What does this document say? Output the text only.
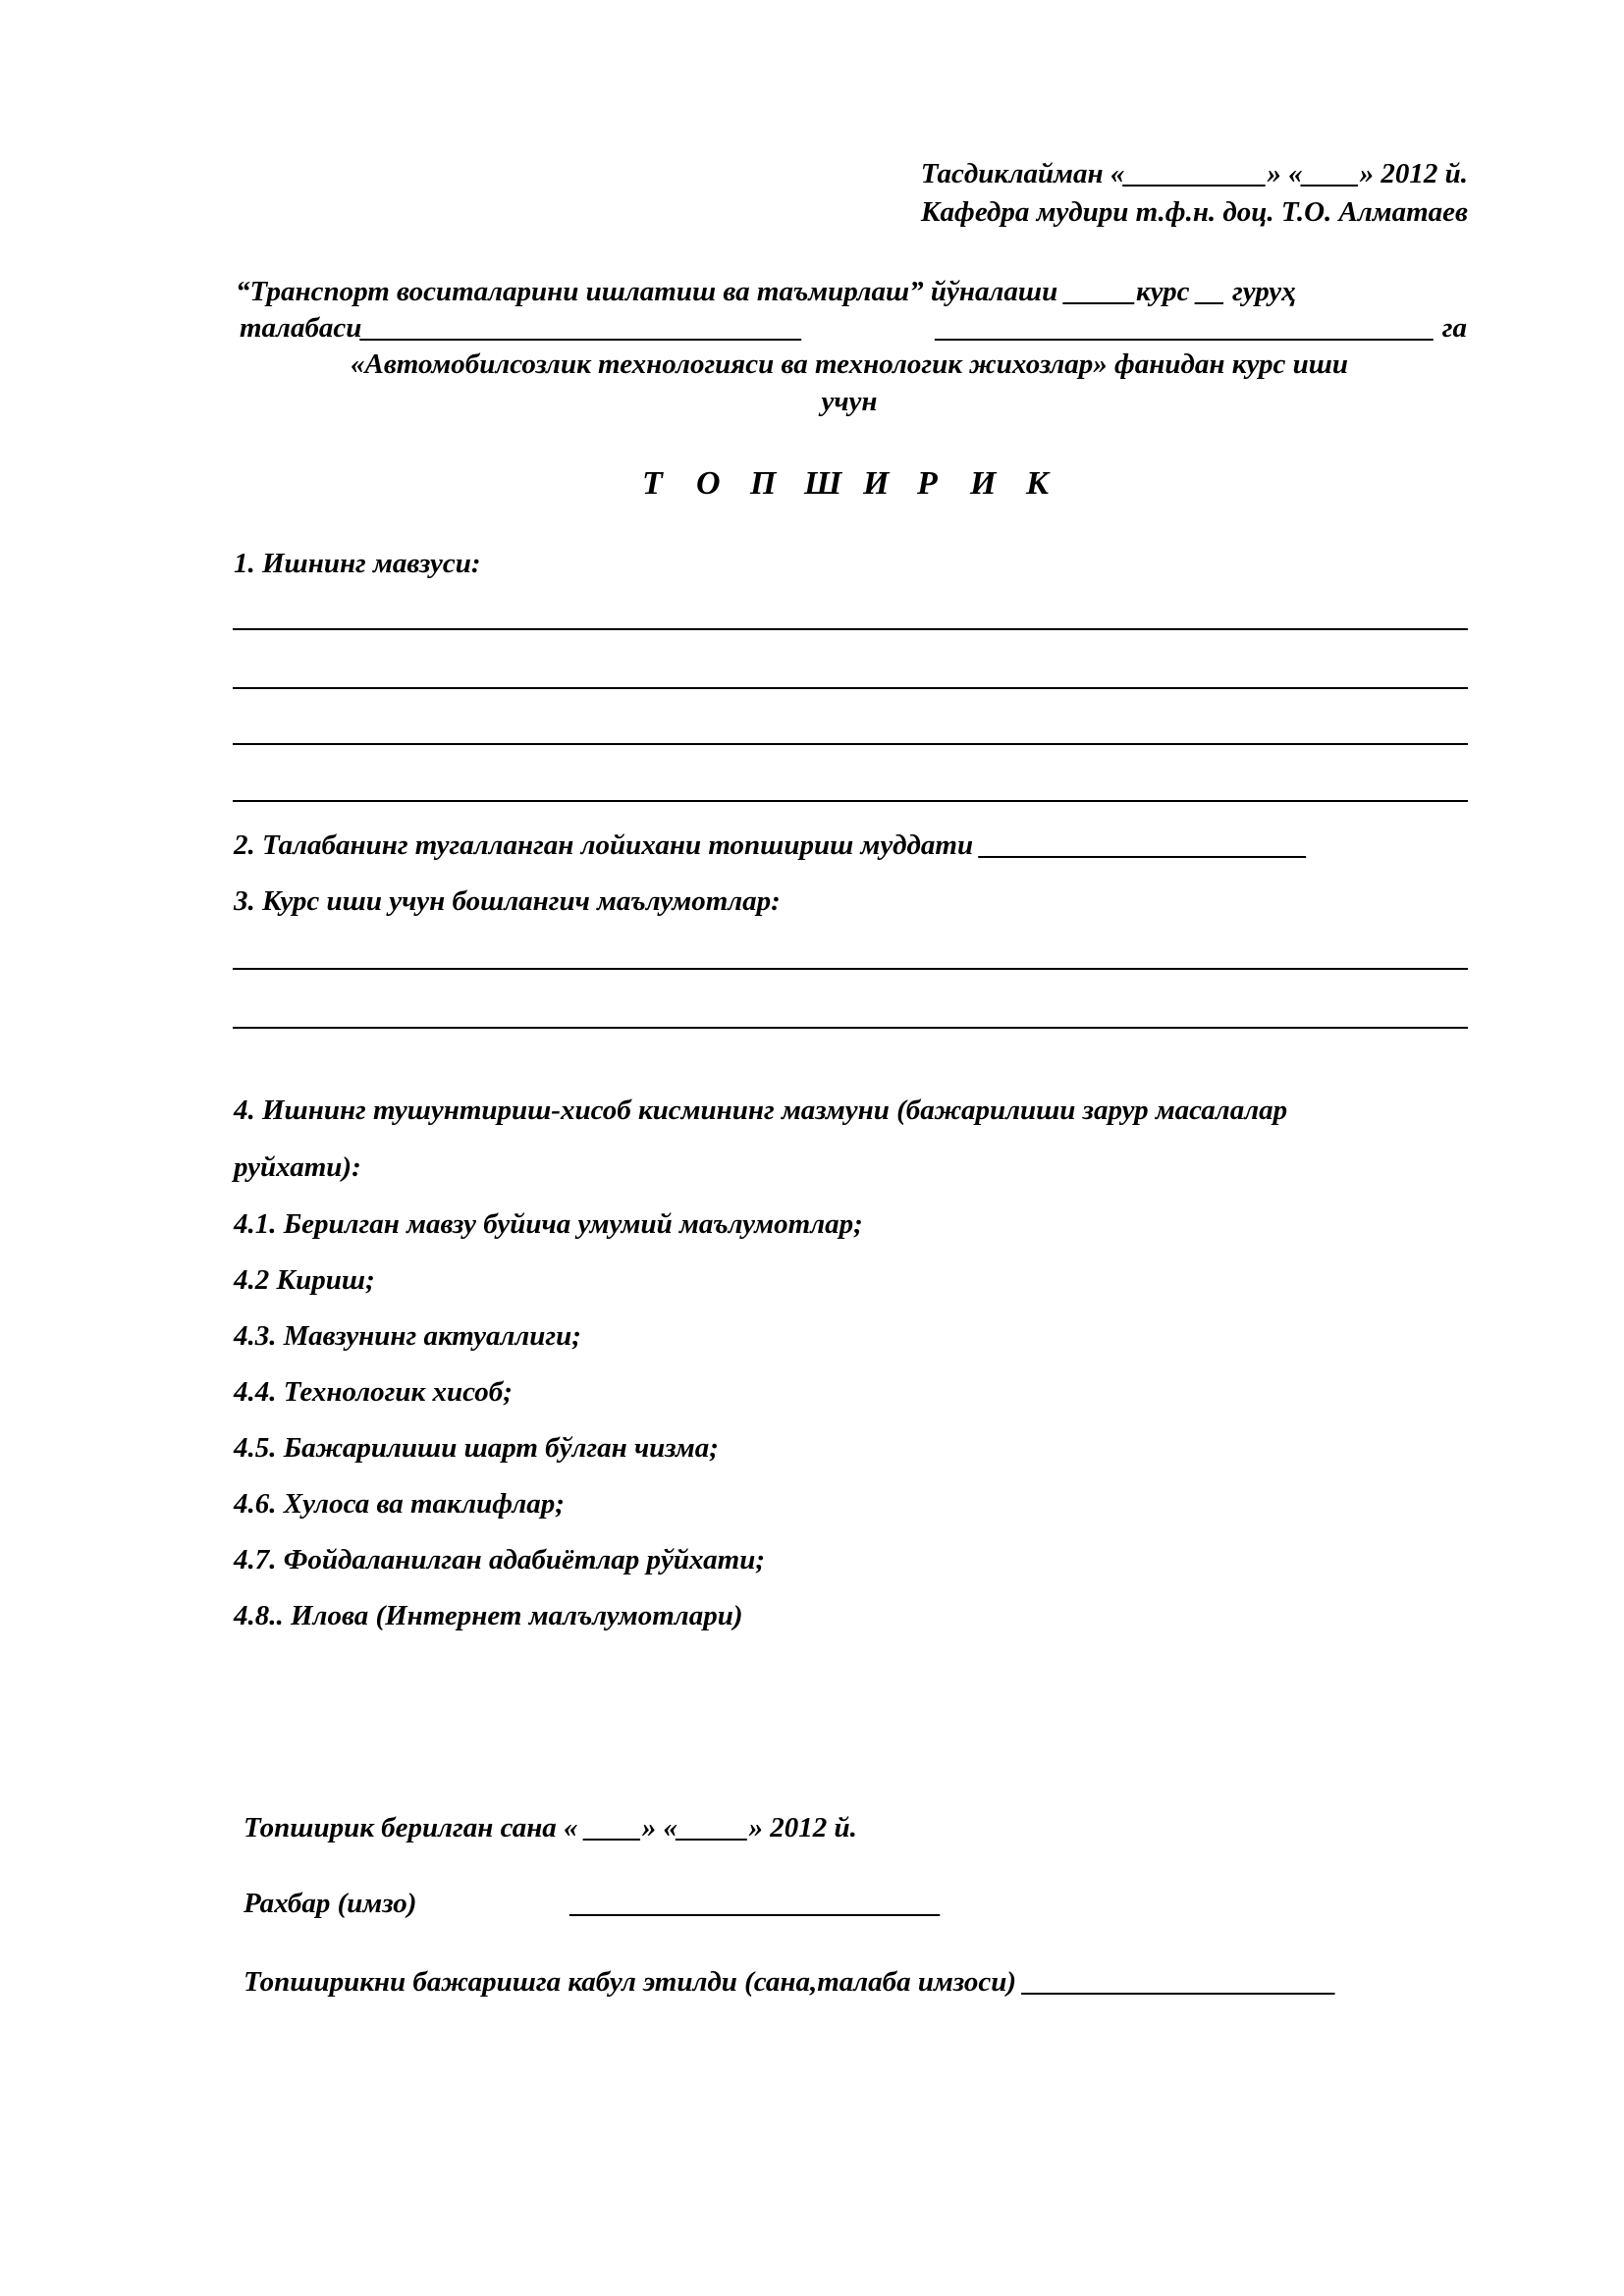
Тасдиклайман «__________» «____» 2012 й.
Кафедра мудири т.ф.н. доц. Т.О. Алматаев
“Транспорт воситаларини ишлатиш ва таъмирлаш” йўналаши _____курс __ гуруҳ
талабаси_______________________________	___________________________________ га
«Автомобилсозлик технологияси ва технологик жихозлар» фанидан курс иши
учун
Т О П Ш И Р И К
1. Ишнинг мавзуси:
2. Талабанинг тугалланган лойихани топшириш муддати _______________________
3. Курс иши учун бошлангич маълумотлар:
4. Ишнинг тушунтириш-хисоб кисмининг мазмуни (бажарилиши зарур масалалар
руйхати):
4.1. Берилган мавзу буйича умумий маълумотлар;
4.2 Кириш;
4.3. Мавзунинг актуаллиги;
4.4. Технологик хисоб;
4.5. Бажарилиши шарт бўлган чизма;
4.6. Хулоса ва таклифлар;
4.7. Фойдаланилган адабиётлар рўйхати;
4.8.. Илова (Интернет малълумотлари)
Топширик берилган сана « ____» «_____» 2012 й.
Рахбар (имзо)	__________________________
Топширикни бажаришга кабул этилди (сана,талаба имзоси) ______________________
